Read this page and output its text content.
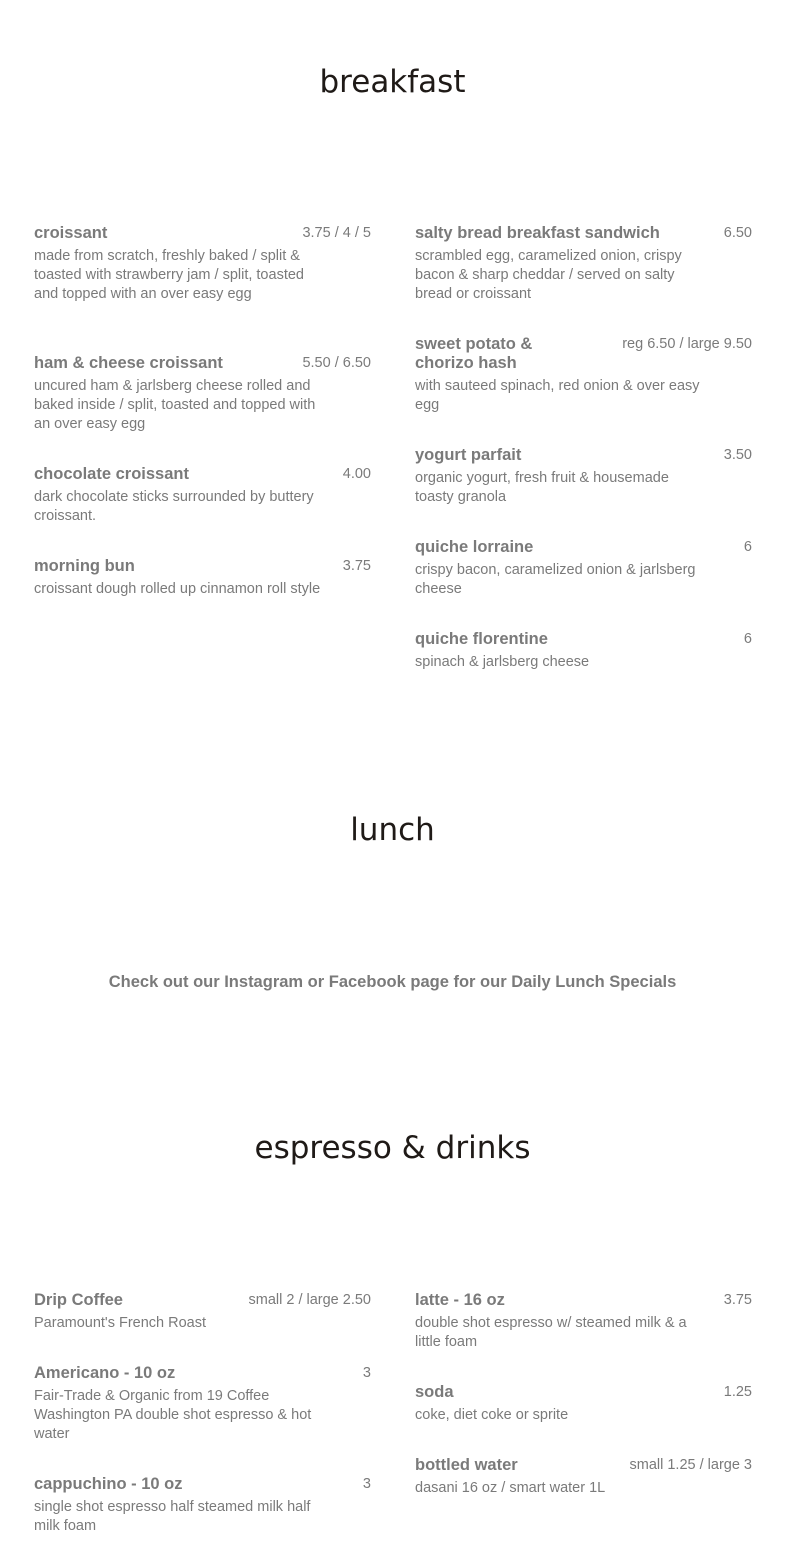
breakfast
croissant	3.75 / 4 / 5
made from scratch, freshly baked / split & toasted with strawberry jam / split, toasted and topped with an over easy egg
ham & cheese croissant	5.50 / 6.50
uncured ham & jarlsberg cheese rolled and baked inside / split, toasted and topped with an over easy egg
chocolate croissant	4.00
dark chocolate sticks surrounded by buttery croissant.
morning bun	3.75
croissant dough rolled up cinnamon roll style
salty bread breakfast sandwich	6.50
scrambled egg, caramelized onion, crispy bacon & sharp cheddar / served on salty bread or croissant
sweet potato & chorizo hash
reg 6.50 / large 9.50
with sauteed spinach, red onion & over easy egg
yogurt parfait	3.50
organic yogurt, fresh fruit & housemade toasty granola
quiche lorraine	6
crispy bacon, caramelized onion & jarlsberg cheese
quiche florentine	6
spinach & jarlsberg cheese
lunch
Check out our Instagram or Facebook page for our Daily Lunch Specials
espresso & drinks
Drip Coffee	small 2 / large 2.50
Paramount's French Roast
Americano - 10 oz	3
Fair-Trade & Organic from 19 Coffee Washington PA double shot espresso & hot water
cappuchino - 10 oz	3
single shot espresso half steamed milk half milk foam
latte - 16 oz	3.75
double shot espresso w/ steamed milk & a little foam
soda	1.25
coke, diet coke or sprite
bottled water	small 1.25 / large 3
dasani 16 oz / smart water 1L
